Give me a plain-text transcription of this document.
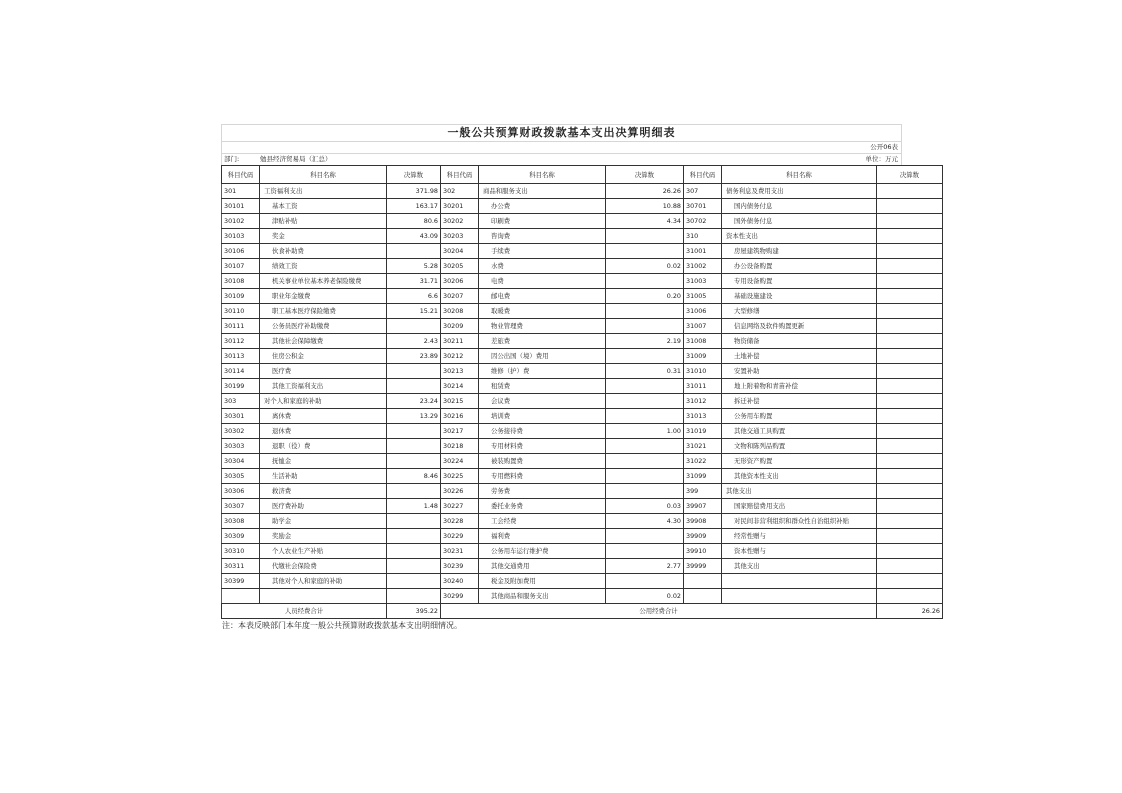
一般公共预算财政拨款基本支出决算明细表
公开06表
部门:	勉县经济贸易局（汇总）	单位：万元
科目代码	科目名称	决算数	科目代码	科目名称	决算数	科目代码	科目名称	决算数
301	工资福利支出	371.98	302	商品和服务支出	26.26	307	债务利息及费用支出	
30101	基本工资	163.17	30201	办公费	10.88	30701	国内债务付息	
30102	津贴补贴	80.6	30202	印刷费	4.34	30702	国外债务付息	
30103	奖金	43.09	30203	咨询费		310	资本性支出	
30106	伙食补助费		30204	手续费		31001	房屋建筑物购建	
30107	绩效工资	5.28	30205	水费	0.02	31002	办公设备购置	
30108	机关事业单位基本养老保险缴费	31.71	30206	电费		31003	专用设备购置	
30109	职业年金缴费	6.6	30207	邮电费	0.20	31005	基础设施建设	
30110	职工基本医疗保险缴费	15.21	30208	取暖费		31006	大型修缮	
30111	公务员医疗补助缴费		30209	物业管理费		31007	信息网络及软件购置更新	
30112	其他社会保障缴费	2.43	30211	差旅费	2.19	31008	物资储备	
30113	住房公积金	23.89	30212	因公出国（境）费用		31009	土地补偿	
30114	医疗费		30213	维修（护）费	0.31	31010	安置补助	
30199	其他工资福利支出		30214	租赁费		31011	地上附着物和青苗补偿	
303	对个人和家庭的补助	23.24	30215	会议费		31012	拆迁补偿	
30301	离休费	13.29	30216	培训费		31013	公务用车购置	
30302	退休费		30217	公务接待费	1.00	31019	其他交通工具购置	
30303	退职（役）费		30218	专用材料费		31021	文物和陈列品购置	
30304	抚恤金		30224	被装购置费		31022	无形资产购置	
30305	生活补助	8.46	30225	专用燃料费		31099	其他资本性支出	
30306	救济费		30226	劳务费		399	其他支出	
30307	医疗费补助	1.48	30227	委托业务费	0.03	39907	国家赔偿费用支出	
30308	助学金		30228	工会经费	4.30	39908	对民间非营利组织和群众性自治组织补贴	
30309	奖励金		30229	福利费		39909	经常性赠与	
30310	个人农业生产补贴		30231	公务用车运行维护费		39910	资本性赠与	
30311	代缴社会保险费		30239	其他交通费用	2.77	39999	其他支出	
30399	其他对个人和家庭的补助		30240	税金及附加费用				
			30299	其他商品和服务支出	0.02			
人员经费合计		395.22	公用经费合计					26.26
注：本表反映部门本年度一般公共预算财政拨款基本支出明细情况。
